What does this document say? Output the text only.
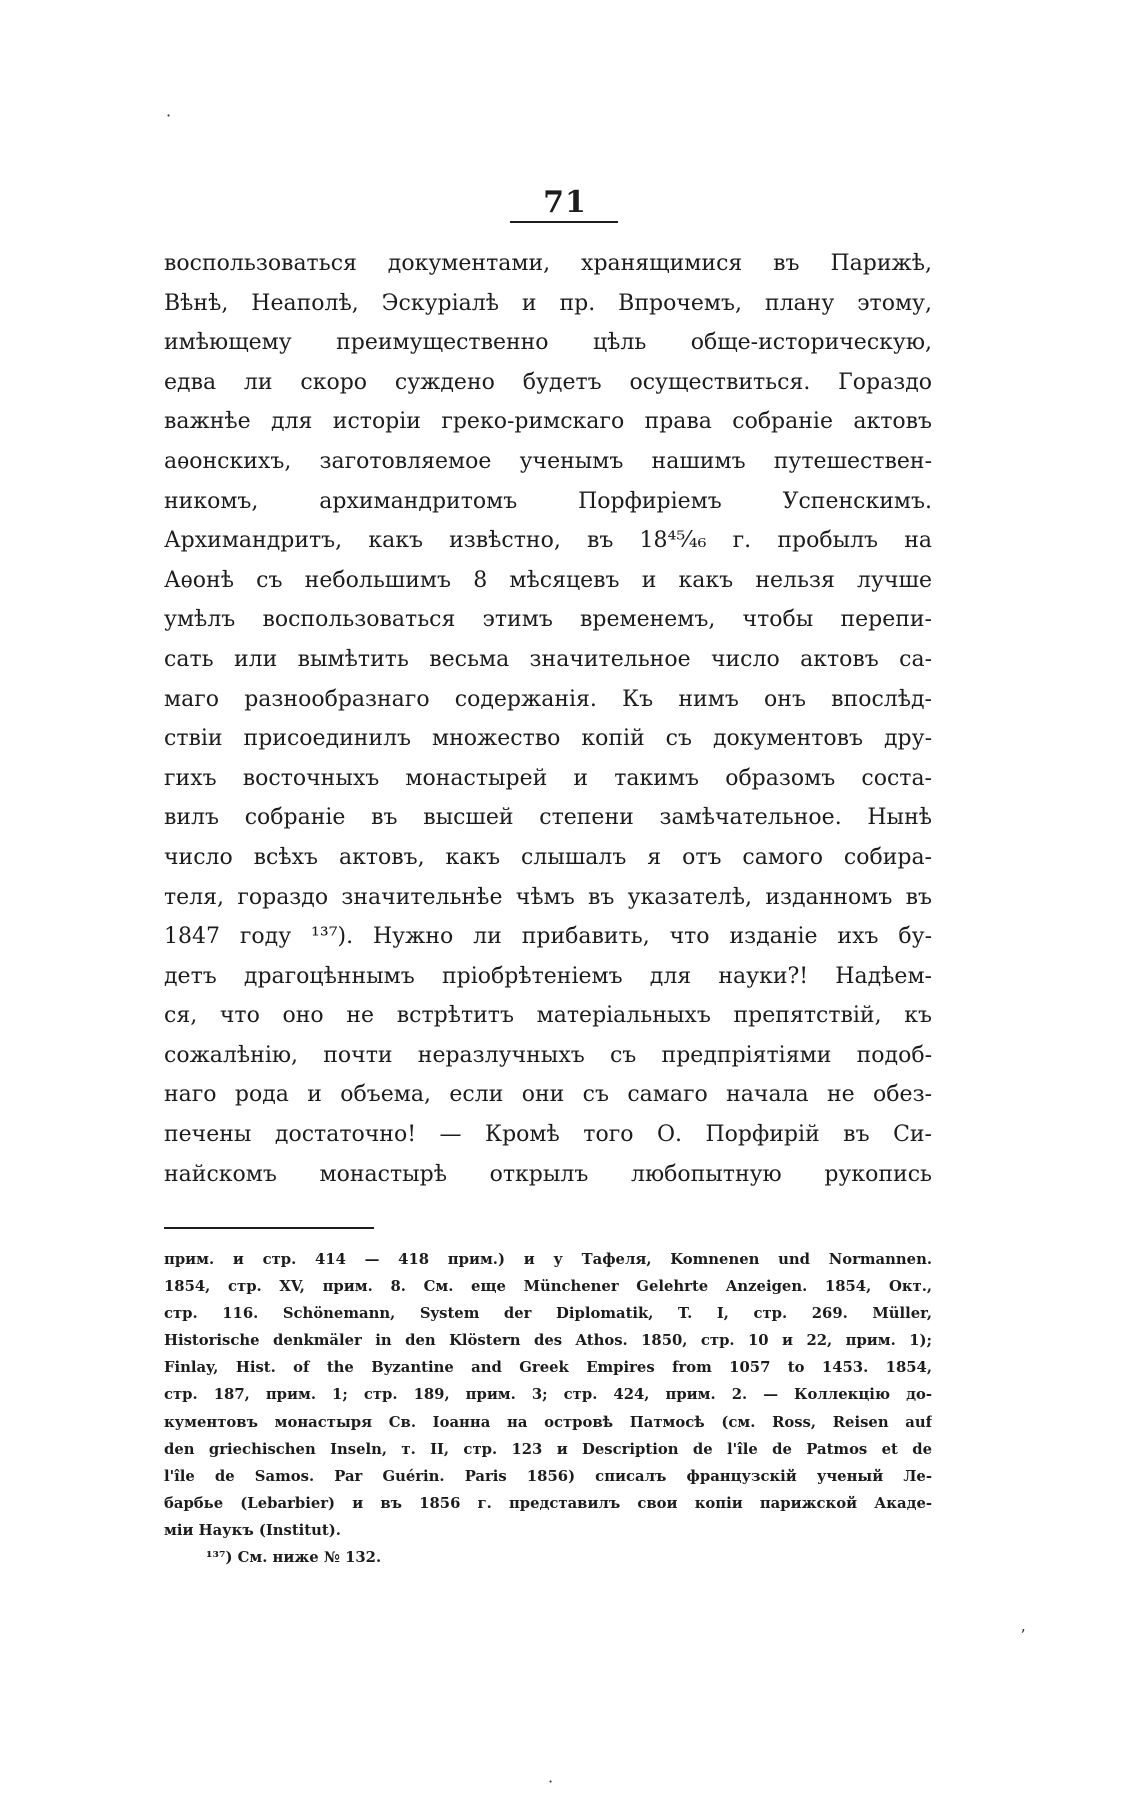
71
воспользоваться документами, хранящимися въ Парижѣ,
Вѣнѣ, Неаполѣ, Эскуріалѣ и пр. Впрочемъ, плану этому,
имѣющему преимущественно цѣль обще-историческую,
едва ли скоро суждено будетъ осуществиться. Гораздо
важнѣе для исторіи греко-римскаго права собраніе актовъ
аѳонскихъ, заготовляемое ученымъ нашимъ путешествен-
никомъ, архимандритомъ Порфиріемъ Успенскимъ.
Архимандритъ, какъ извѣстно, въ 18⁴⁵⁄₄₆ г. пробылъ на
Аѳонѣ съ небольшимъ 8 мѣсяцевъ и какъ нельзя лучше
умѣлъ воспользоваться этимъ временемъ, чтобы перепи-
сать или вымѣтить весьма значительное число актовъ са-
маго разнообразнаго содержанія. Къ нимъ онъ впослѣд-
ствіи присоединилъ множество копій съ документовъ дру-
гихъ восточныхъ монастырей и такимъ образомъ соста-
вилъ собраніе въ высшей степени замѣчательное. Нынѣ
число всѣхъ актовъ, какъ слышалъ я отъ самого собира-
теля, гораздо значительнѣе чѣмъ въ указателѣ, изданномъ въ
1847 году ¹³⁷). Нужно ли прибавить, что изданіе ихъ бу-
детъ драгоцѣннымъ пріобрѣтеніемъ для науки?! Надѣем-
ся, что оно не встрѣтитъ матеріальныхъ препятствій, къ
сожалѣнію, почти неразлучныхъ съ предпріятіями подоб-
наго рода и объема, если они съ самаго начала не обез-
печены достаточно! — Кромѣ того О. Порфирій въ Си-
найскомъ монастырѣ открылъ любопытную рукопись
прим. и стр. 414 — 418 прим.) и у Тафеля, Komnenen und Normannen.
1854, стр. XV, прим. 8. См. еще Münchener Gelehrte Anzeigen. 1854, Окт.,
стр. 116. Schönemann, System der Diplomatik, T. I, стр. 269. Müller,
Historische denkmäler in den Klöstern des Athos. 1850, стр. 10 и 22, прим. 1);
Finlay, Hist. of the Byzantine and Greek Empires from 1057 to 1453. 1854,
стр. 187, прим. 1; стр. 189, прим. 3; стр. 424, прим. 2. — Коллекцію до-
кументовъ монастыря Св. Іоанна на островѣ Патмосѣ (см. Ross, Reisen auf
den griechischen Inseln, т. II, стр. 123 и Description de l'île de Patmos et de
l'île de Samos. Par Guérin. Paris 1856) списалъ французскій ученый Ле-
барбье (Lebarbier) и въ 1856 г. представилъ свои копіи парижской Акаде-
міи Наукъ (Institut).
¹³⁷) См. ниже № 132.
·
ʼ
·
